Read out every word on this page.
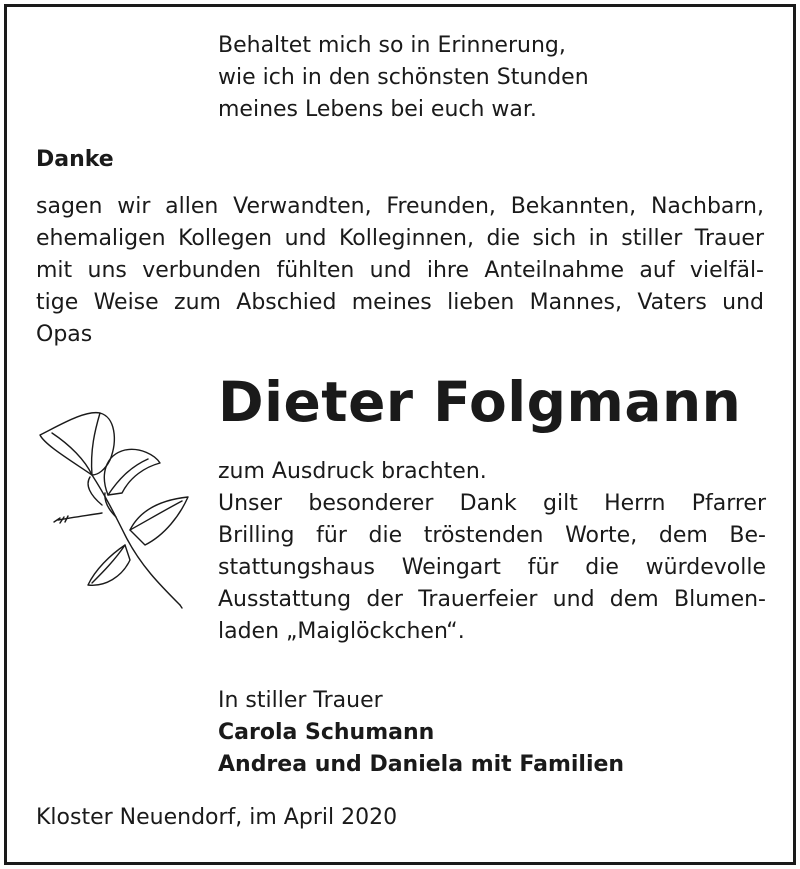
Behaltet mich so in Erinnerung,
wie ich in den schönsten Stunden
meines Lebens bei euch war.
Danke
sagen wir allen Verwandten, Freunden, Bekannten, Nachbarn,
ehemaligen Kollegen und Kolleginnen, die sich in stiller Trauer
mit uns verbunden fühlten und ihre Anteilnahme auf vielfäl-
tige Weise zum Abschied meines lieben Mannes, Vaters und
Opas
Dieter Folgmann
zum Ausdruck brachten.
Unser besonderer Dank gilt Herrn Pfarrer
Brilling für die tröstenden Worte, dem Be-
stattungshaus Weingart für die würdevolle
Ausstattung der Trauerfeier und dem Blumen-
laden „Maiglöckchen“.
In stiller Trauer
Carola Schumann
Andrea und Daniela mit Familien
Kloster Neuendorf, im April 2020
